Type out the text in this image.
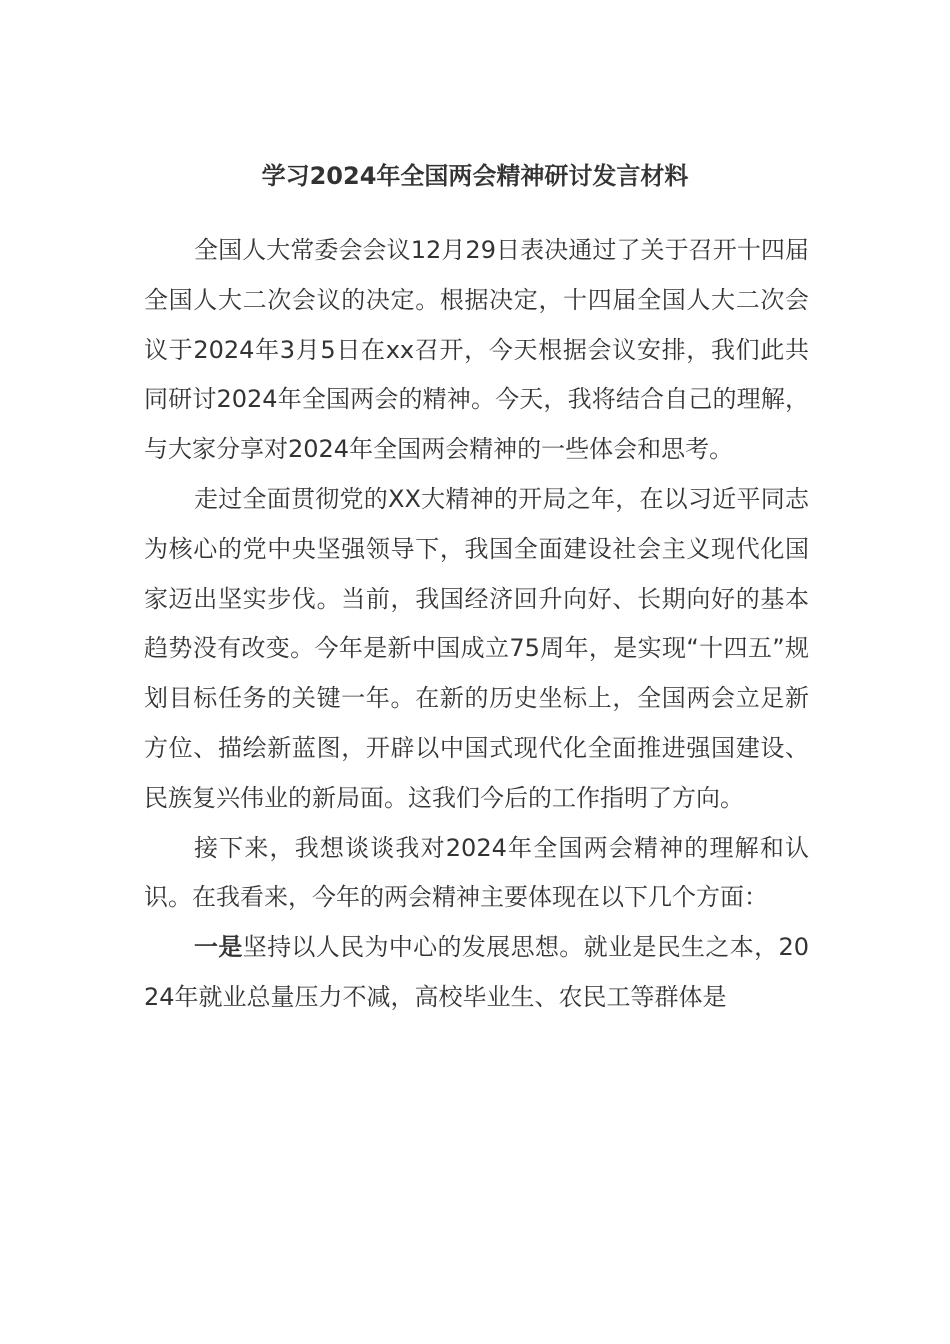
学习2024年全国两会精神研讨发言材料

全国人大常委会会议12月29日表决通过了关于召开十四届全国人大二次会议的决定。根据决定，十四届全国人大二次会议于2024年3月5日在xx召开，今天根据会议安排，我们此共同研讨2024年全国两会的精神。今天，我将结合自己的理解，与大家分享对2024年全国两会精神的一些体会和思考。

走过全面贯彻党的XX大精神的开局之年，在以习近平同志为核心的党中央坚强领导下，我国全面建设社会主义现代化国家迈出坚实步伐。当前，我国经济回升向好、长期向好的基本趋势没有改变。今年是新中国成立75周年，是实现“十四五”规划目标任务的关键一年。在新的历史坐标上，全国两会立足新方位、描绘新蓝图，开辟以中国式现代化全面推进强国建设、民族复兴伟业的新局面。这我们今后的工作指明了方向。

接下来，我想谈谈我对2024年全国两会精神的理解和认识。在我看来，今年的两会精神主要体现在以下几个方面：

一是坚持以人民为中心的发展思想。就业是民生之本，2024年就业总量压力不减，高校毕业生、农民工等群体是
